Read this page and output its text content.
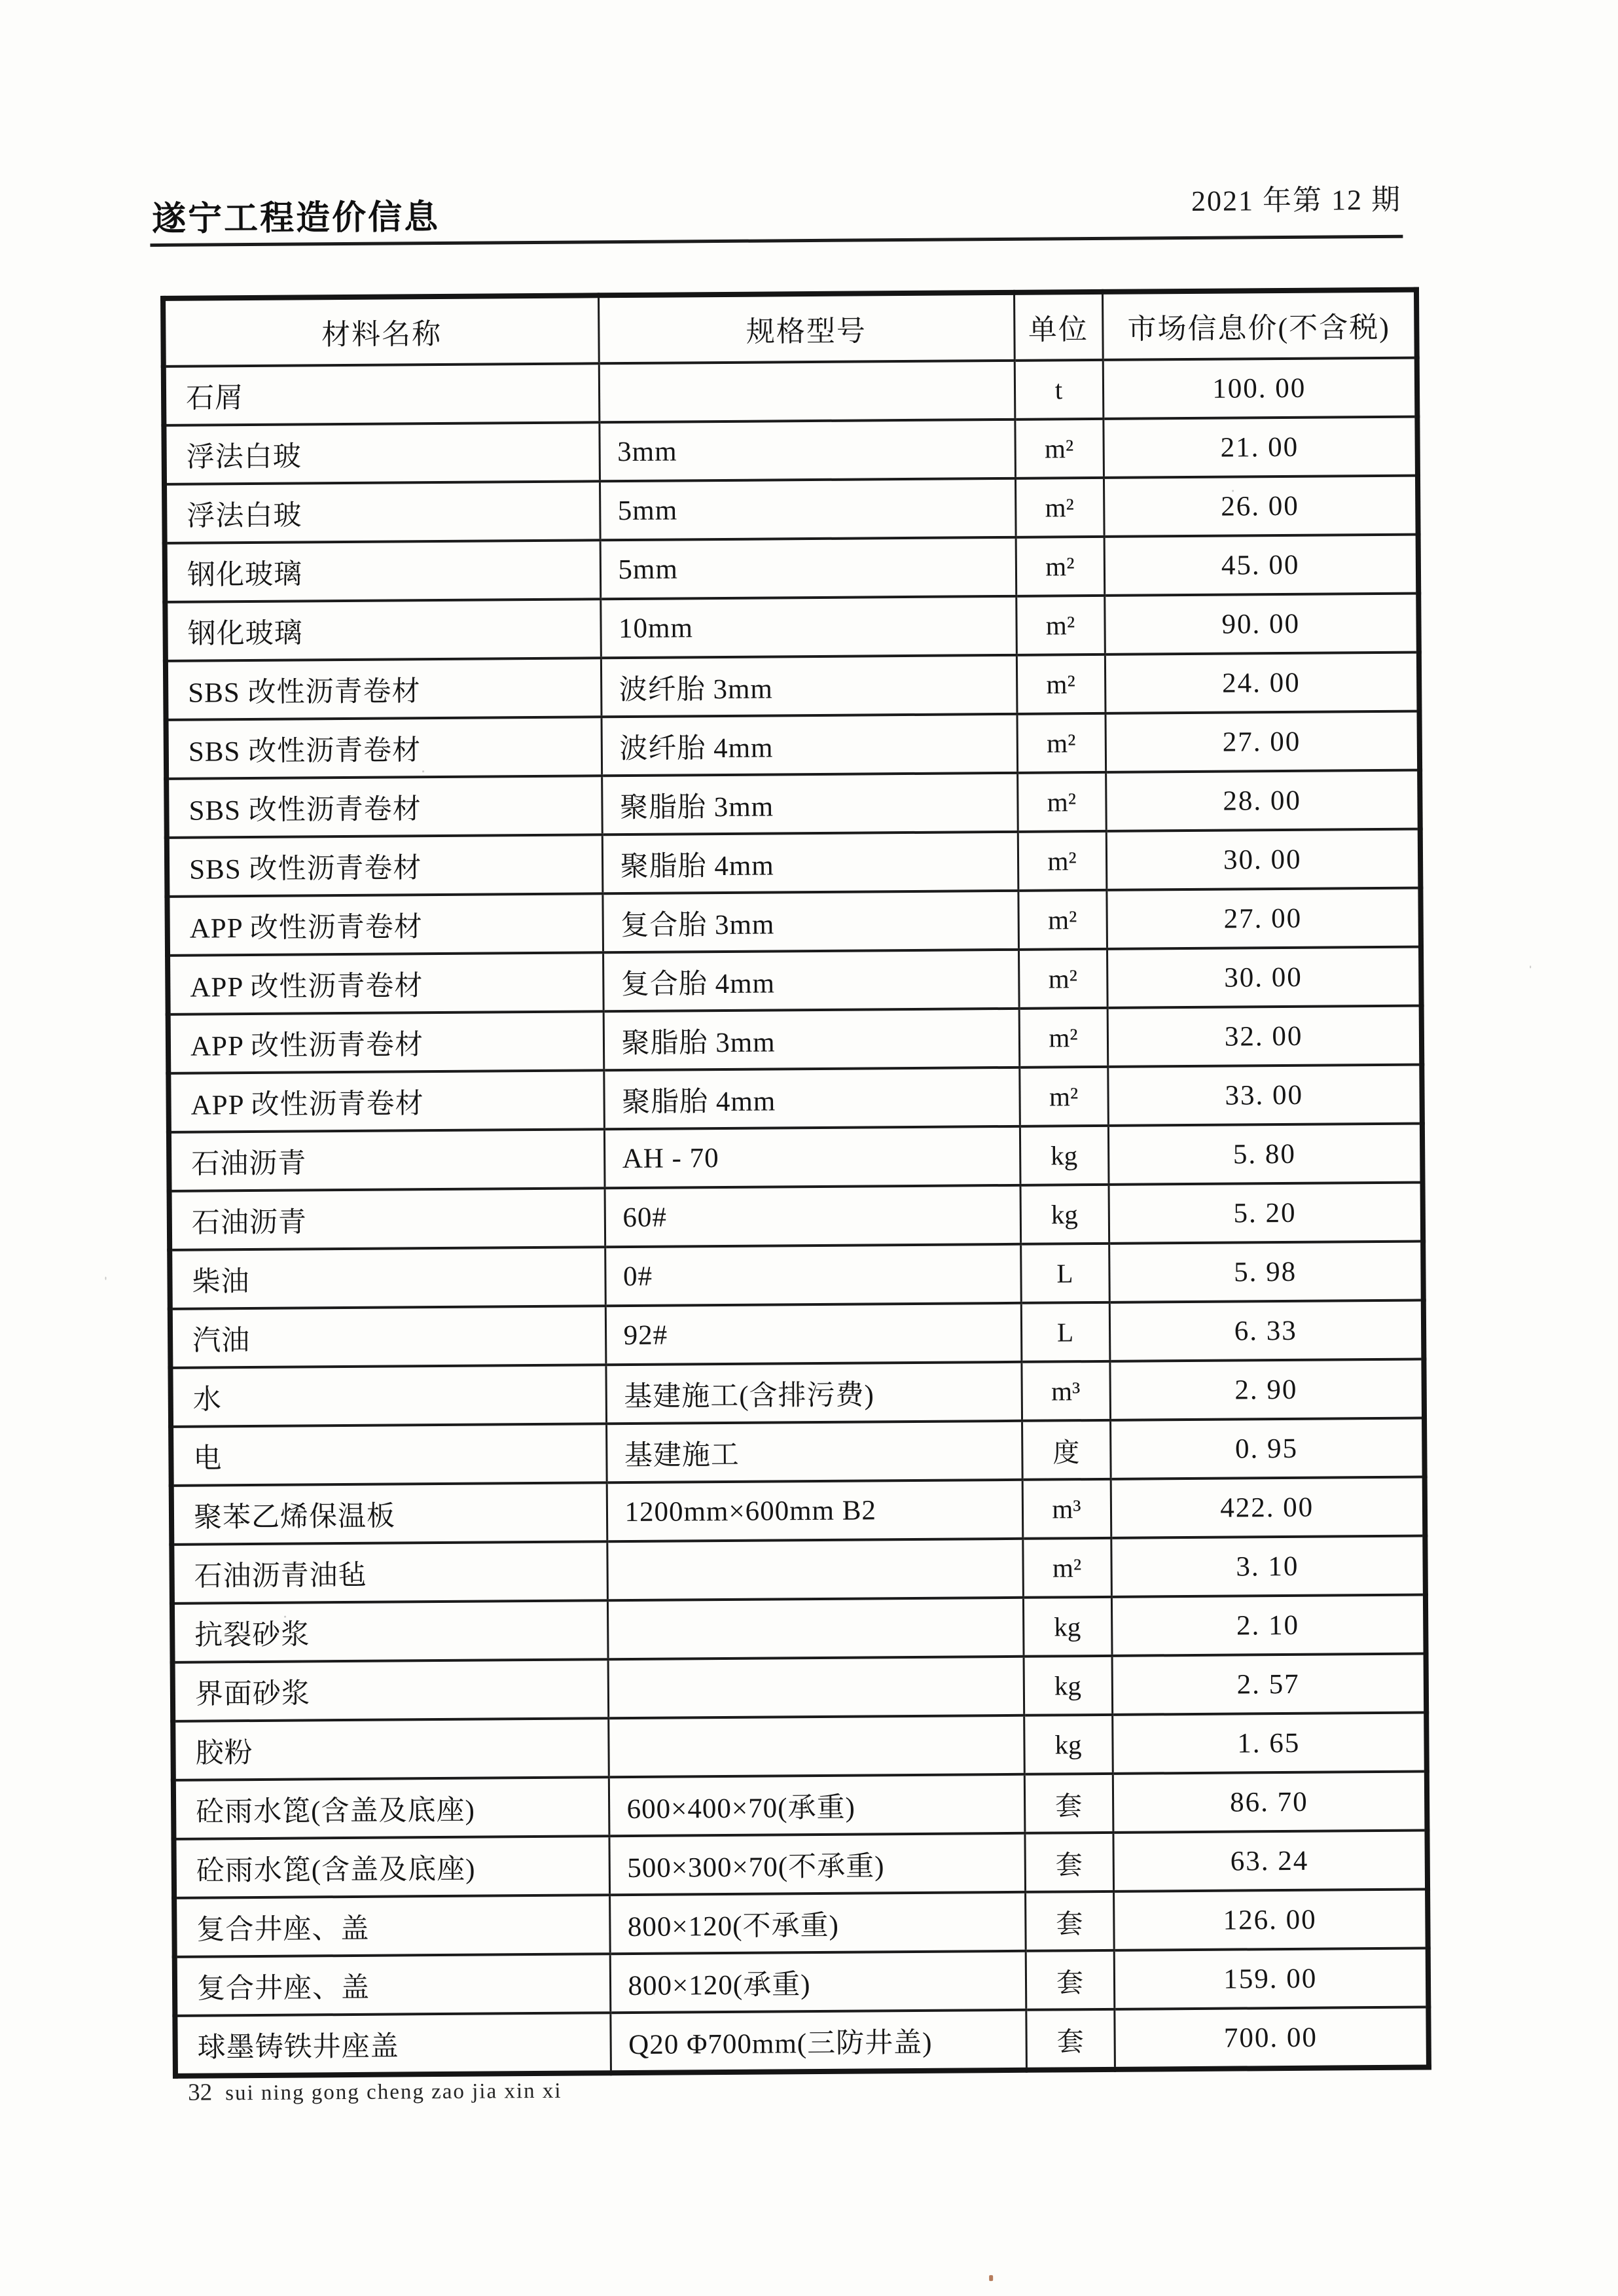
遂宁工程造价信息	2021 年第 12 期
材料名称	规格型号	单位	市场信息价(不含税)
石屑		t	100. 00
浮法白玻	3mm	m²	21. 00
浮法白玻	5mm	m²	26. 00
钢化玻璃	5mm	m²	45. 00
钢化玻璃	10mm	m²	90. 00
SBS 改性沥青卷材	波纤胎 3mm	m²	24. 00
SBS 改性沥青卷材	波纤胎 4mm	m²	27. 00
SBS 改性沥青卷材	聚脂胎 3mm	m²	28. 00
SBS 改性沥青卷材	聚脂胎 4mm	m²	30. 00
APP 改性沥青卷材	复合胎 3mm	m²	27. 00
APP 改性沥青卷材	复合胎 4mm	m²	30. 00
APP 改性沥青卷材	聚脂胎 3mm	m²	32. 00
APP 改性沥青卷材	聚脂胎 4mm	m²	33. 00
石油沥青	AH - 70	kg	5. 80
石油沥青	60#	kg	5. 20
柴油	0#	L	5. 98
汽油	92#	L	6. 33
水	基建施工(含排污费)	m³	2. 90
电	基建施工	度	0. 95
聚苯乙烯保温板	1200mm×600mm B2	m³	422. 00
石油沥青油毡		m²	3. 10
抗裂砂浆		kg	2. 10
界面砂浆		kg	2. 57
胶粉		kg	1. 65
砼雨水箆(含盖及底座)	600×400×70(承重)	套	86. 70
砼雨水箆(含盖及底座)	500×300×70(不承重)	套	63. 24
复合井座、盖	800×120(不承重)	套	126. 00
复合井座、盖	800×120(承重)	套	159. 00
球墨铸铁井座盖	Q20 Φ700mm(三防井盖)	套	700. 00
32 sui ning gong cheng zao jia xin xi
